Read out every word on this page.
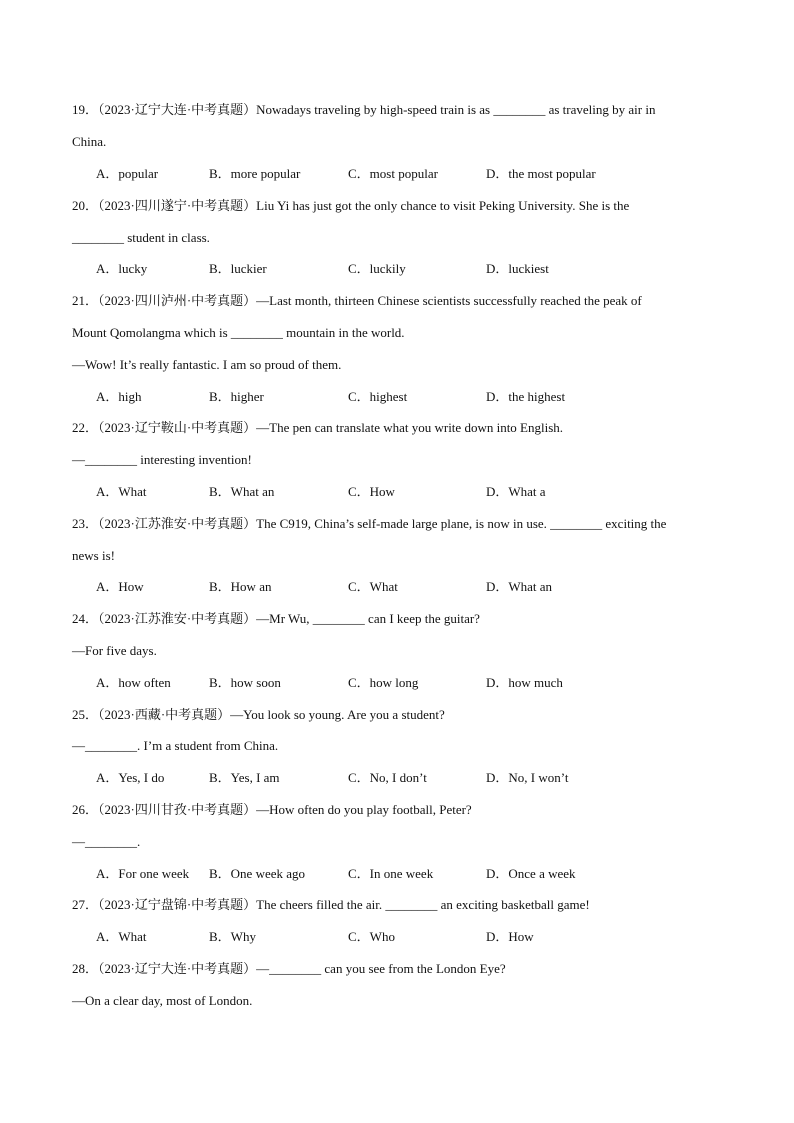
19．（2023·辽宁大连·中考真题）Nowadays traveling by high-speed train is as ________ as traveling by air in
China.
A．popular	B．more popular	C．most popular	D．the most popular
20．（2023·四川遂宁·中考真题）Liu Yi has just got the only chance to visit Peking University. She is the
________ student in class.
A．lucky	B．luckier	C．luckily	D．luckiest
21．（2023·四川泸州·中考真题）—Last month, thirteen Chinese scientists successfully reached the peak of
Mount Qomolangma which is ________ mountain in the world.
—Wow! It’s really fantastic. I am so proud of them.
A．high	B．higher	C．highest	D．the highest
22．（2023·辽宁鞍山·中考真题）—The pen can translate what you write down into English.
—________ interesting invention!
A．What	B．What an	C．How	D．What a
23．（2023·江苏淮安·中考真题）The C919, China’s self-made large plane, is now in use. ________ exciting the
news is!
A．How	B．How an	C．What	D．What an
24．（2023·江苏淮安·中考真题）—Mr Wu, ________ can I keep the guitar?
—For five days.
A．how often	B．how soon	C．how long	D．how much
25．（2023·西藏·中考真题）—You look so young. Are you a student?
—________. I’m a student from China.
A．Yes, I do	B．Yes, I am	C．No, I don’t	D．No, I won’t
26．（2023·四川甘孜·中考真题）—How often do you play football, Peter?
—________.
A．For one week B．One week ago	C．In one week	D．Once a week
27．（2023·辽宁盘锦·中考真题）The cheers filled the air. ________ an exciting basketball game!
A．What	B．Why	C．Who	D．How
28．（2023·辽宁大连·中考真题）—________ can you see from the London Eye?
—On a clear day, most of London.
